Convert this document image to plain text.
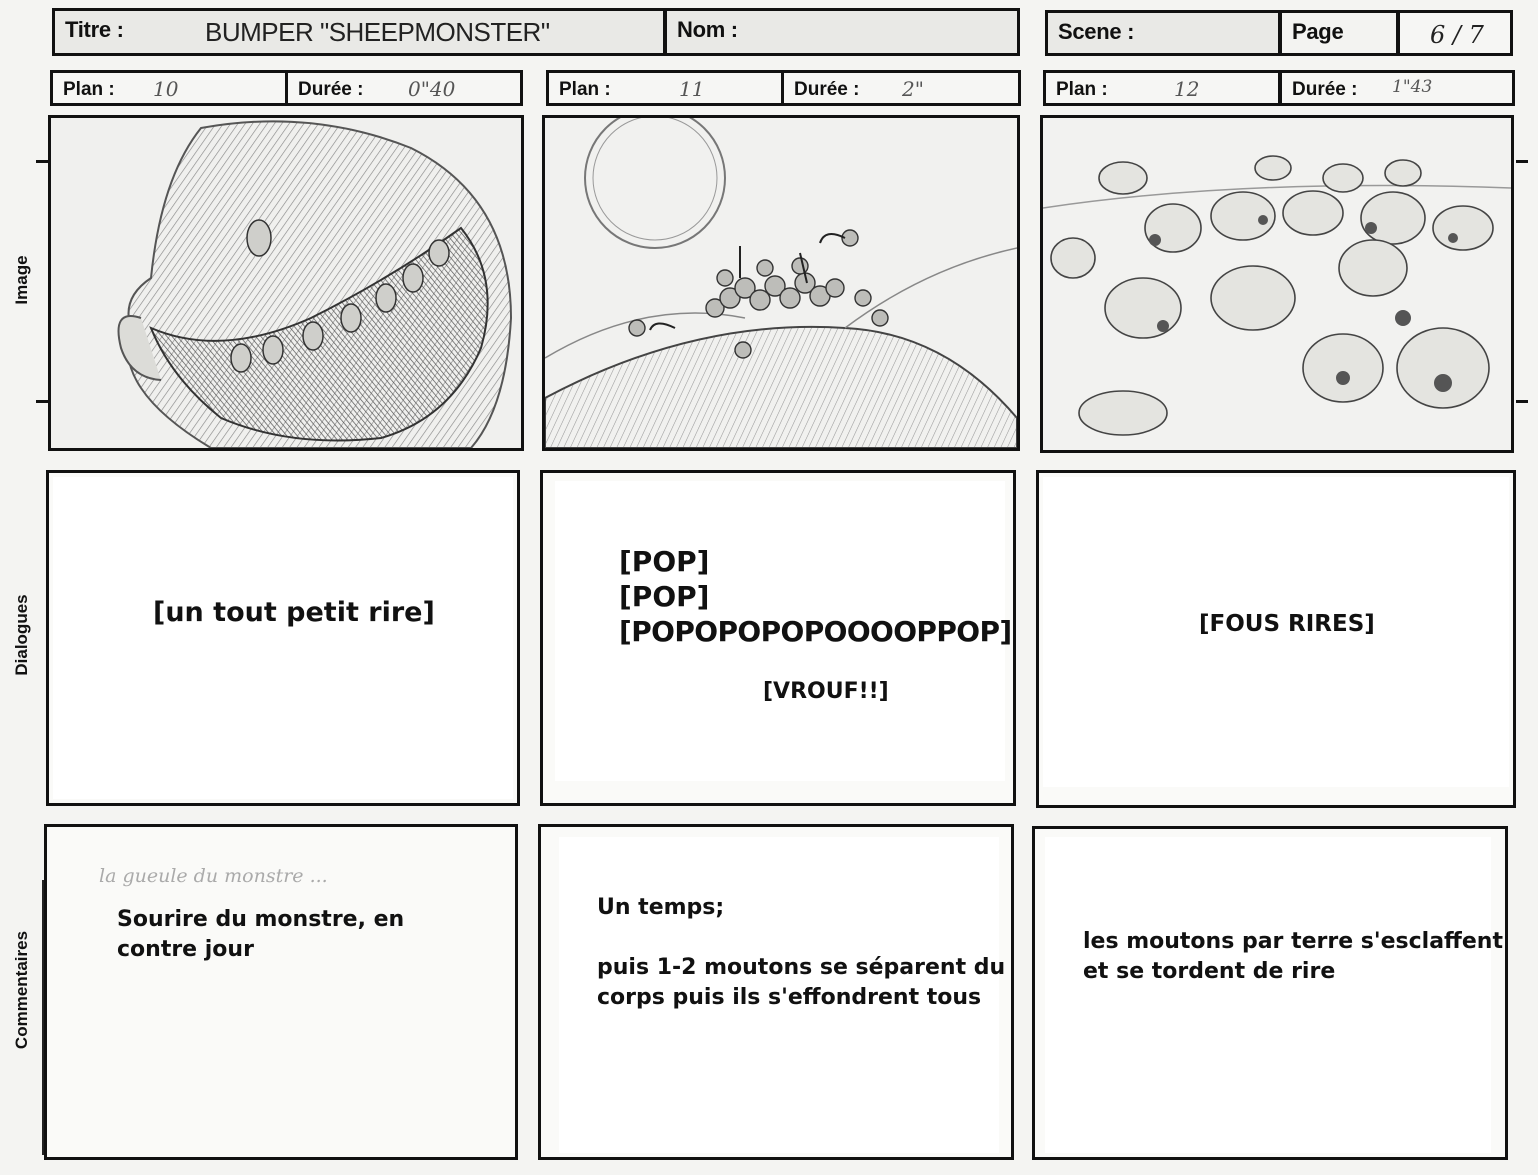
Titre :	BUMPER "SHEEPMONSTER"	Nom :	Scene :	Page	6 / 7
Plan : 10	Durée : 0"40	Plan :	11	Durée : 2"	Plan :	12	Durée : 1"43
Image
Dialogues
Commentaires
[un tout petit rire]
[POP]
[POP]
[POPOPOPOPOOOOPPOP]
[VROUF!!]
[FOUS RIRES]
la gueule du monstre ...
Sourire du monstre, en
contre jour
Un temps;

puis 1-2 moutons se séparent du
corps puis ils s'effondrent tous
les moutons par terre s'esclaffent
et se tordent de rire
